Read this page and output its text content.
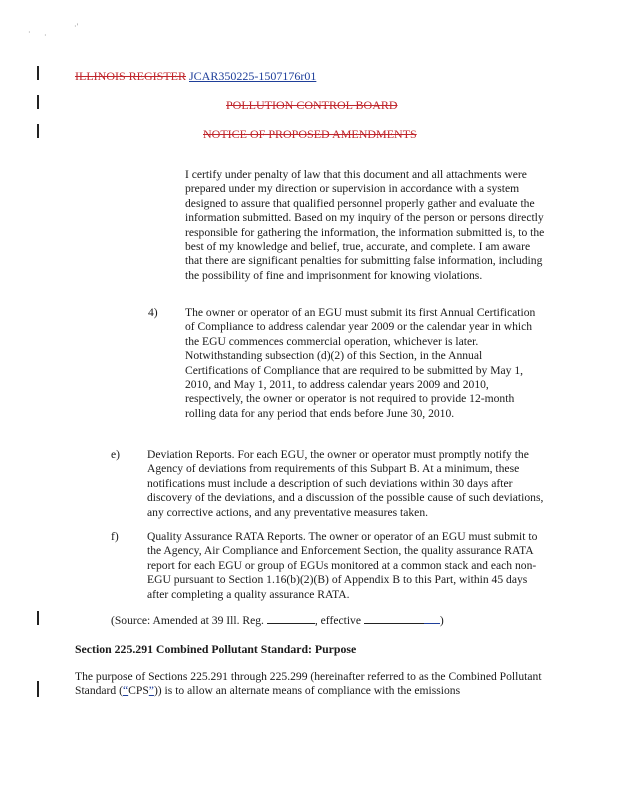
· ·
·'
ILLINOIS REGISTER JCAR350225-1507176r01
POLLUTION CONTROL BOARD
NOTICE OF PROPOSED AMENDMENTS

I certify under penalty of law that this document and all attachments were prepared under my direction or supervision in accordance with a system designed to assure that qualified personnel properly gather and evaluate the information submitted. Based on my inquiry of the person or persons directly responsible for gathering the information, the information submitted is, to the best of my knowledge and belief, true, accurate, and complete. I am aware that there are significant penalties for submitting false information, including the possibility of fine and imprisonment for knowing violations.

4) The owner or operator of an EGU must submit its first Annual Certification of Compliance to address calendar year 2009 or the calendar year in which the EGU commences commercial operation, whichever is later. Notwithstanding subsection (d)(2) of this Section, in the Annual Certifications of Compliance that are required to be submitted by May 1, 2010, and May 1, 2011, to address calendar years 2009 and 2010, respectively, the owner or operator is not required to provide 12-month rolling data for any period that ends before June 30, 2010.

e) Deviation Reports. For each EGU, the owner or operator must promptly notify the Agency of deviations from requirements of this Subpart B. At a minimum, these notifications must include a description of such deviations within 30 days after discovery of the deviations, and a discussion of the possible cause of such deviations, any corrective actions, and any preventative measures taken.

f) Quality Assurance RATA Reports. The owner or operator of an EGU must submit to the Agency, Air Compliance and Enforcement Section, the quality assurance RATA report for each EGU or group of EGUs monitored at a common stack and each non-EGU pursuant to Section 1.16(b)(2)(B) of Appendix B to this Part, within 45 days after completing a quality assurance RATA.

(Source: Amended at 39 Ill. Reg.	, effective	)
Section 225.291 Combined Pollutant Standard: Purpose

The purpose of Sections 225.291 through 225.299 (hereinafter referred to as the Combined Pollutant Standard (“CPS”)) is to allow an alternate means of compliance with the emissions
